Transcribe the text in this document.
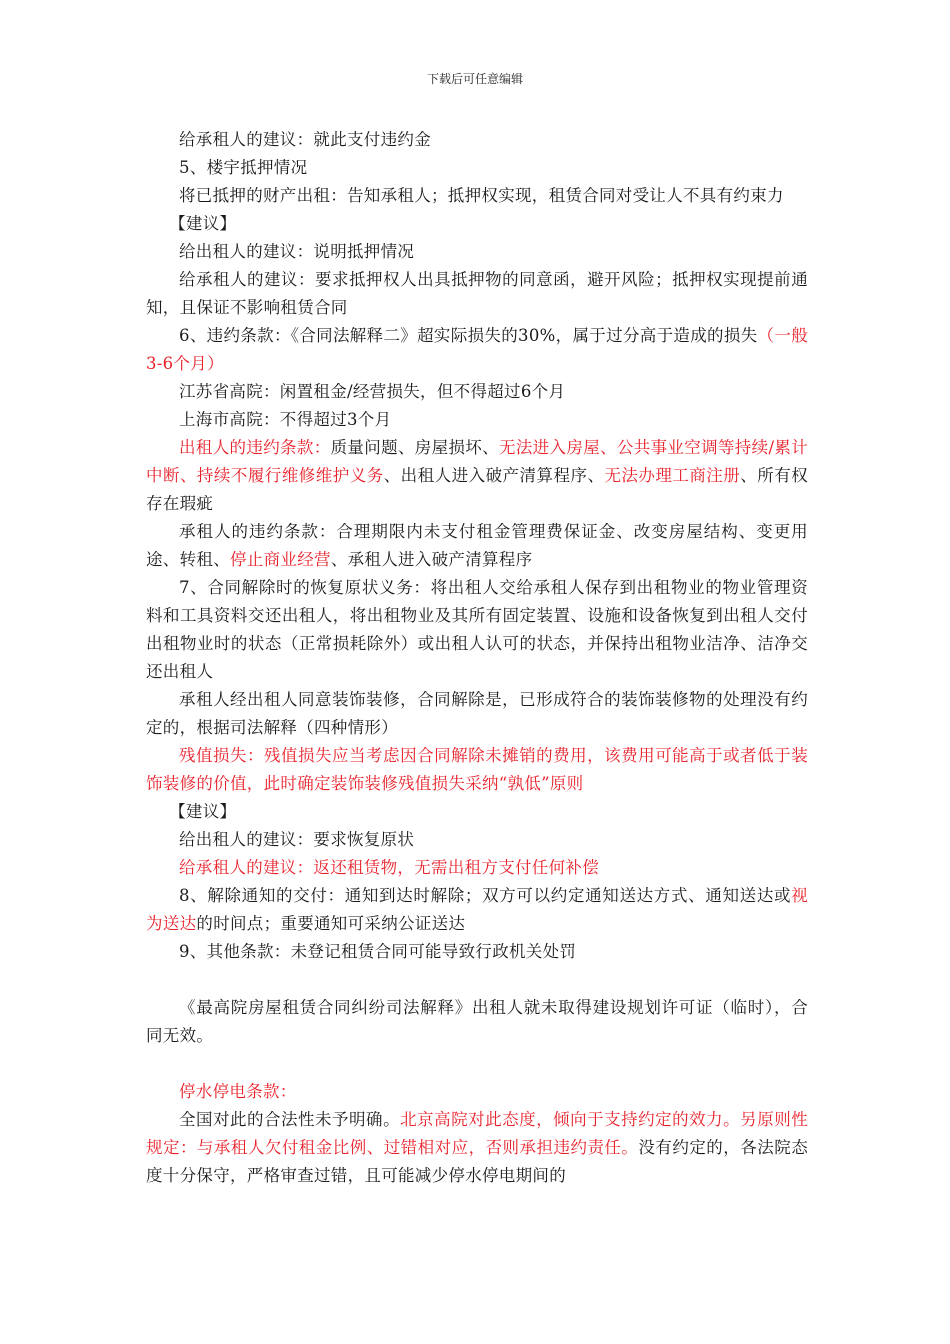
下载后可任意编辑

给承租人的建议：就此支付违约金

5、楼宇抵押情况

将已抵押的财产出租：告知承租人；抵押权实现，租赁合同对受让人不具有约束力

【建议】

给出租人的建议：说明抵押情况

给承租人的建议：要求抵押权人出具抵押物的同意函，避开风险；抵押权实现提前通知，且保证不影响租赁合同

6、违约条款：《合同法解释二》超实际损失的30%，属于过分高于造成的损失（一般3-6个月）

江苏省高院：闲置租金/经营损失，但不得超过6个月

上海市高院：不得超过3个月

出租人的违约条款：质量问题、房屋损坏、无法进入房屋、公共事业空调等持续/累计中断、持续不履行维修维护义务、出租人进入破产清算程序、无法办理工商注册、所有权存在瑕疵

承租人的违约条款：合理期限内未支付租金管理费保证金、改变房屋结构、变更用途、转租、停止商业经营、承租人进入破产清算程序

7、合同解除时的恢复原状义务：将出租人交给承租人保存到出租物业的物业管理资料和工具资料交还出租人，将出租物业及其所有固定装置、设施和设备恢复到出租人交付出租物业时的状态（正常损耗除外）或出租人认可的状态，并保持出租物业洁净、洁净交还出租人

承租人经出租人同意装饰装修，合同解除是，已形成符合的装饰装修物的处理没有约定的，根据司法解释（四种情形）

残值损失：残值损失应当考虑因合同解除未摊销的费用，该费用可能高于或者低于装饰装修的价值，此时确定装饰装修残值损失采纳“孰低”原则

【建议】

给出租人的建议：要求恢复原状

给承租人的建议：返还租赁物，无需出租方支付任何补偿

8、解除通知的交付：通知到达时解除；双方可以约定通知送达方式、通知送达或视为送达的时间点；重要通知可采纳公证送达

9、其他条款：未登记租赁合同可能导致行政机关处罚

《最高院房屋租赁合同纠纷司法解释》出租人就未取得建设规划许可证（临时），合同无效。

停水停电条款：

全国对此的合法性未予明确。北京高院对此态度，倾向于支持约定的效力。另原则性规定：与承租人欠付租金比例、过错相对应，否则承担违约责任。没有约定的，各法院态度十分保守，严格审查过错，且可能减少停水停电期间的
